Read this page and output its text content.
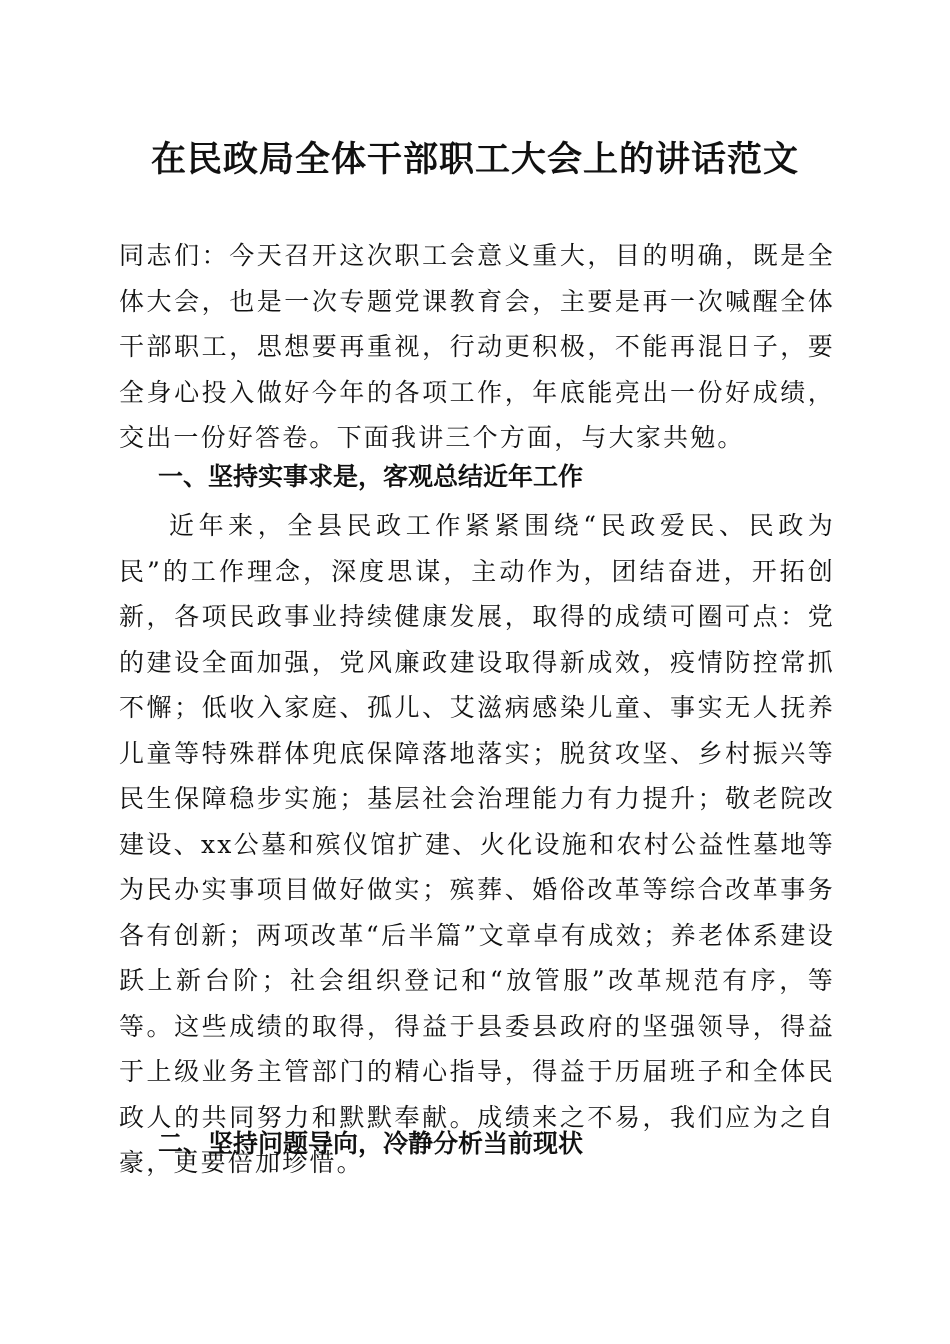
在民政局全体干部职工大会上的讲话范文

同志们：今天召开这次职工会意义重大，目的明确，既是全体大会，也是一次专题党课教育会，主要是再一次喊醒全体干部职工，思想要再重视，行动更积极，不能再混日子，要全身心投入做好今年的各项工作，年底能亮出一份好成绩，交出一份好答卷。下面我讲三个方面，与大家共勉。

一、坚持实事求是，客观总结近年工作

近年来，全县民政工作紧紧围绕“民政爱民、民政为民”的工作理念，深度思谋，主动作为，团结奋进，开拓创新，各项民政事业持续健康发展，取得的成绩可圈可点：党的建设全面加强，党风廉政建设取得新成效，疫情防控常抓不懈；低收入家庭、孤儿、艾滋病感染儿童、事实无人抚养儿童等特殊群体兜底保障落地落实；脱贫攻坚、乡村振兴等民生保障稳步实施；基层社会治理能力有力提升；敬老院改建设、xx公墓和殡仪馆扩建、火化设施和农村公益性墓地等为民办实事项目做好做实；殡葬、婚俗改革等综合改革事务各有创新；两项改革“后半篇”文章卓有成效；养老体系建设跃上新台阶；社会组织登记和“放管服”改革规范有序，等等。这些成绩的取得，得益于县委县政府的坚强领导，得益于上级业务主管部门的精心指导，得益于历届班子和全体民政人的共同努力和默默奉献。成绩来之不易，我们应为之自豪，更要倍加珍惜。

二、坚持问题导向，冷静分析当前现状
